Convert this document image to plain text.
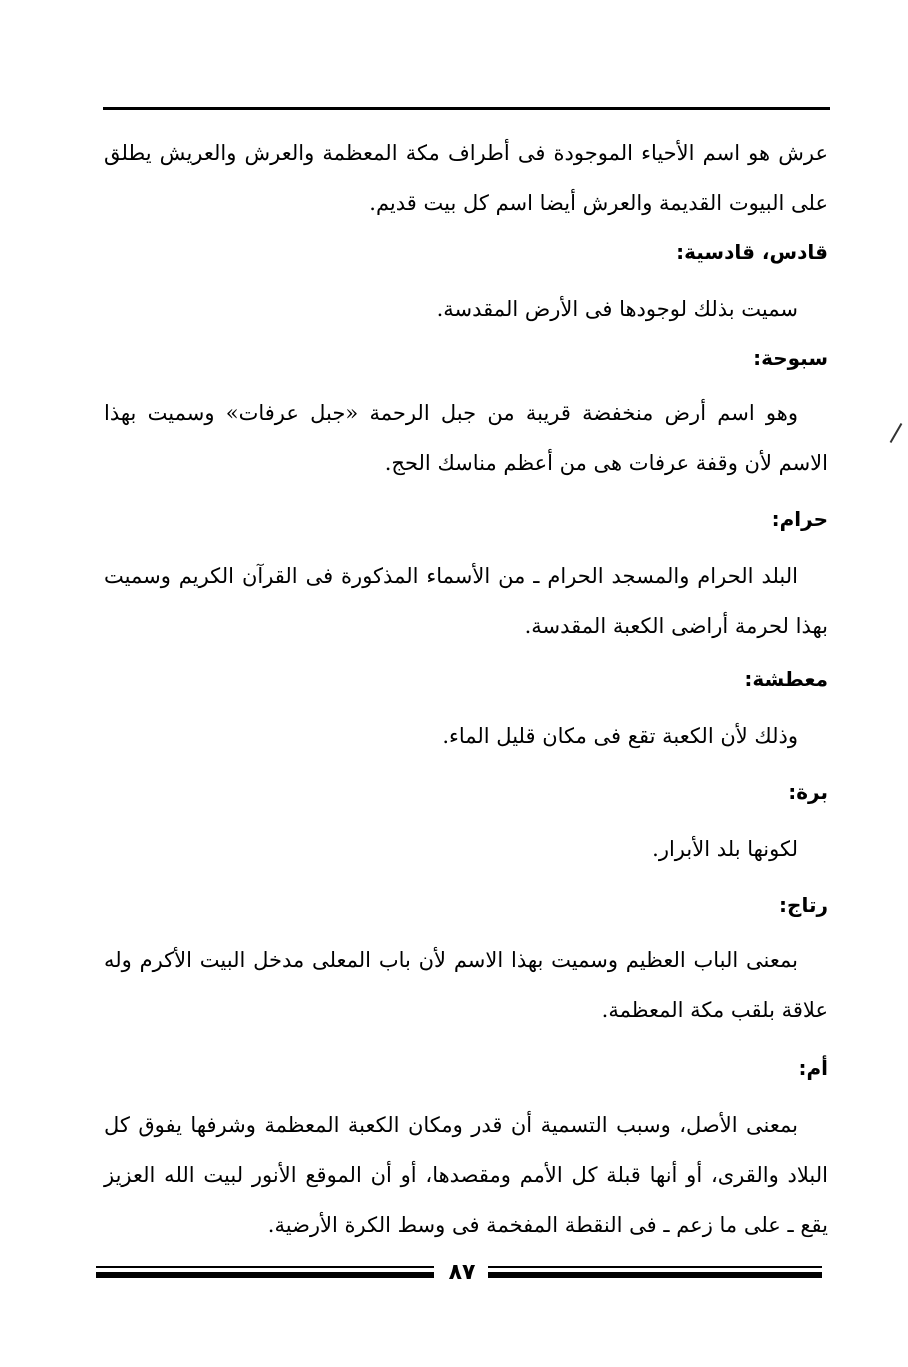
عرش هو اسم الأحياء الموجودة فى أطراف مكة المعظمة والعرش والعريش يطلق على البيوت القديمة والعرش أيضا اسم كل بيت قديم.

قادس، قادسية:

سميت بذلك لوجودها فى الأرض المقدسة.

سبوحة:

وهو اسم أرض منخفضة قريبة من جبل الرحمة «جبل عرفات» وسميت بهذا الاسم لأن وقفة عرفات هى من أعظم مناسك الحج.

حرام:

البلد الحرام والمسجد الحرام ـ من الأسماء المذكورة فى القرآن الكريم وسميت بهذا لحرمة أراضى الكعبة المقدسة.

معطشة:

وذلك لأن الكعبة تقع فى مكان قليل الماء.

برة:

لكونها بلد الأبرار.

رتاج:

بمعنى الباب العظيم وسميت بهذا الاسم لأن باب المعلى مدخل البيت الأكرم وله علاقة بلقب مكة المعظمة.

أم:

بمعنى الأصل، وسبب التسمية أن قدر ومكان الكعبة المعظمة وشرفها يفوق كل البلاد والقرى، أو أنها قبلة كل الأمم ومقصدها، أو أن الموقع الأنور لبيت الله العزيز يقع ـ على ما زعم ـ فى النقطة المفخمة فى وسط الكرة الأرضية.

٨٧
